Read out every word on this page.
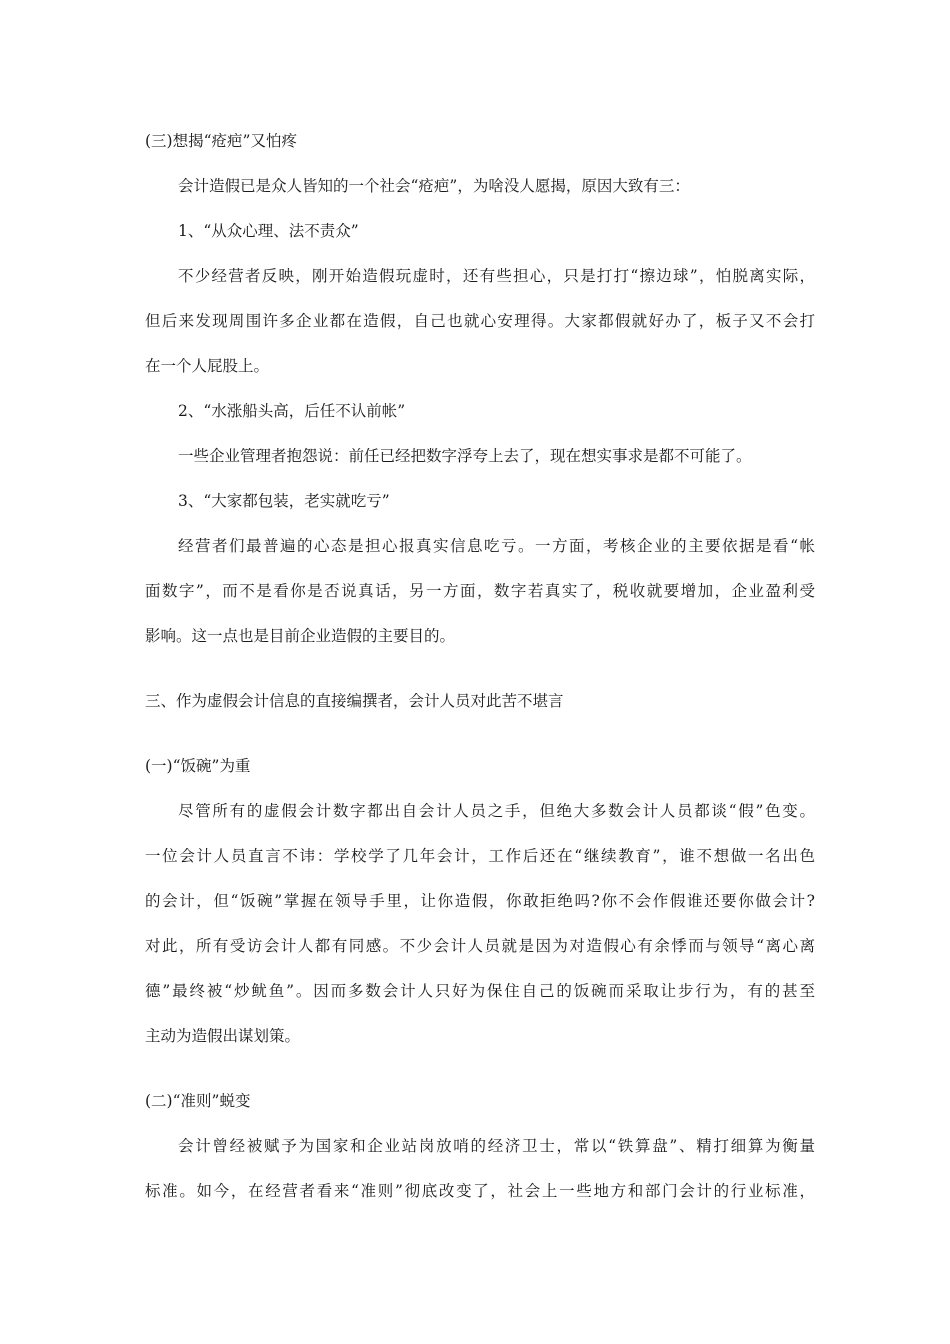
(三)想揭“疮疤”又怕疼
会计造假已是众人皆知的一个社会“疮疤”，为啥没人愿揭，原因大致有三：
1、“从众心理、法不责众”
不少经营者反映，刚开始造假玩虚时，还有些担心，只是打打“擦边球”，怕脱离实际，
但后来发现周围许多企业都在造假，自己也就心安理得。大家都假就好办了，板子又不会打
在一个人屁股上。
2、“水涨船头高，后任不认前帐”
一些企业管理者抱怨说：前任已经把数字浮夸上去了，现在想实事求是都不可能了。
3、“大家都包装，老实就吃亏”
经营者们最普遍的心态是担心报真实信息吃亏。一方面，考核企业的主要依据是看“帐
面数字”，而不是看你是否说真话，另一方面，数字若真实了，税收就要增加，企业盈利受
影响。这一点也是目前企业造假的主要目的。
三、作为虚假会计信息的直接编撰者，会计人员对此苦不堪言
(一)“饭碗”为重
尽管所有的虚假会计数字都出自会计人员之手，但绝大多数会计人员都谈“假”色变。
一位会计人员直言不讳：学校学了几年会计，工作后还在“继续教育”，谁不想做一名出色
的会计，但“饭碗”掌握在领导手里，让你造假，你敢拒绝吗?你不会作假谁还要你做会计?
对此，所有受访会计人都有同感。不少会计人员就是因为对造假心有余悸而与领导“离心离
德”最终被“炒鱿鱼”。因而多数会计人只好为保住自己的饭碗而采取让步行为，有的甚至
主动为造假出谋划策。
(二)“准则”蜕变
会计曾经被赋予为国家和企业站岗放哨的经济卫士，常以“铁算盘”、精打细算为衡量
标准。如今，在经营者看来“准则”彻底改变了，社会上一些地方和部门会计的行业标准，
